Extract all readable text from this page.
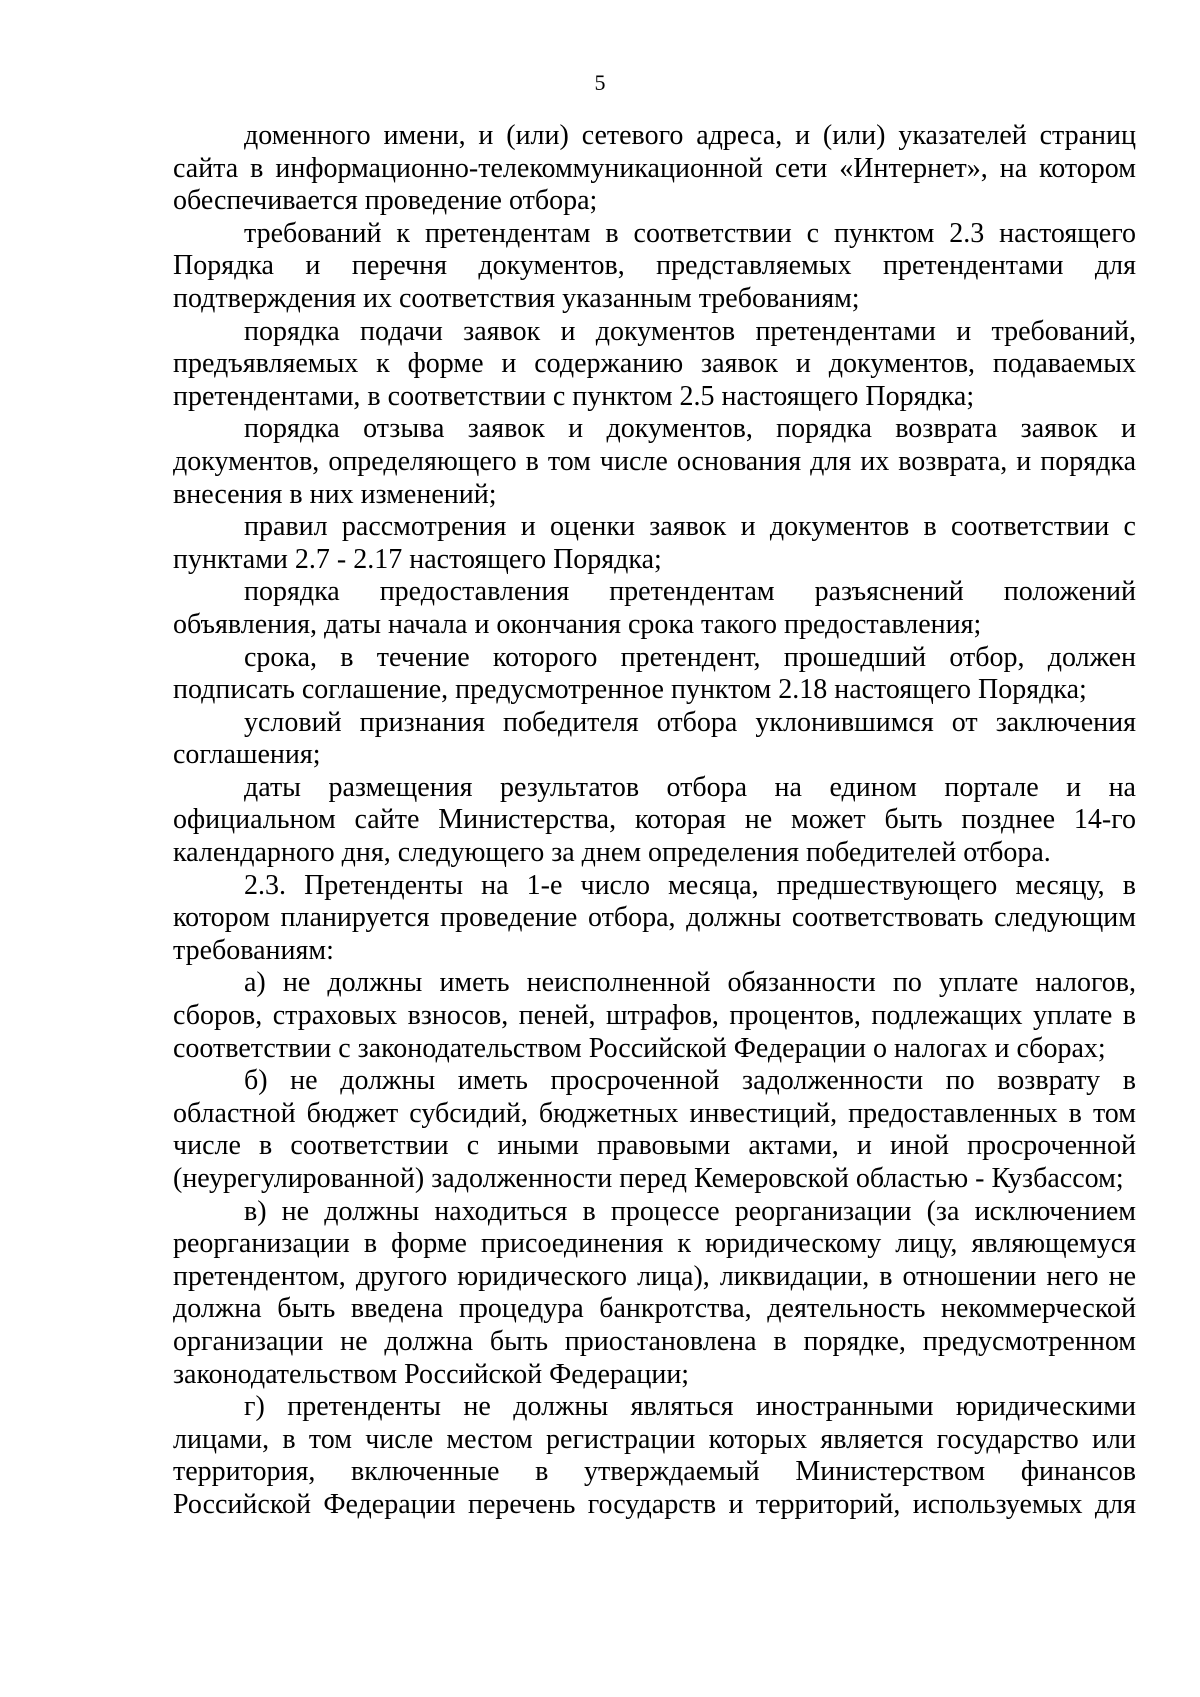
5

доменного имени, и (или) сетевого адреса, и (или) указателей страниц сайта в информационно-телекоммуникационной сети «Интернет», на котором обеспечивается проведение отбора;

требований к претендентам в соответствии с пунктом 2.3 настоящего Порядка и перечня документов, представляемых претендентами для подтверждения их соответствия указанным требованиям;

порядка подачи заявок и документов претендентами и требований, предъявляемых к форме и содержанию заявок и документов, подаваемых претендентами, в соответствии с пунктом 2.5 настоящего Порядка;

порядка отзыва заявок и документов, порядка возврата заявок и документов, определяющего в том числе основания для их возврата, и порядка внесения в них изменений;

правил рассмотрения и оценки заявок и документов в соответствии с пунктами 2.7 - 2.17 настоящего Порядка;

порядка предоставления претендентам разъяснений положений объявления, даты начала и окончания срока такого предоставления;

срока, в течение которого претендент, прошедший отбор, должен подписать соглашение, предусмотренное пунктом 2.18 настоящего Порядка;

условий признания победителя отбора уклонившимся от заключения соглашения;

даты размещения результатов отбора на едином портале и на официальном сайте Министерства, которая не может быть позднее 14-го календарного дня, следующего за днем определения победителей отбора.

2.3. Претенденты на 1-е число месяца, предшествующего месяцу, в котором планируется проведение отбора, должны соответствовать следующим требованиям:

а) не должны иметь неисполненной обязанности по уплате налогов, сборов, страховых взносов, пеней, штрафов, процентов, подлежащих уплате в соответствии с законодательством Российской Федерации о налогах и сборах;

б) не должны иметь просроченной задолженности по возврату в областной бюджет субсидий, бюджетных инвестиций, предоставленных в том числе в соответствии с иными правовыми актами, и иной просроченной (неурегулированной) задолженности перед Кемеровской областью - Кузбассом;

в) не должны находиться в процессе реорганизации (за исключением реорганизации в форме присоединения к юридическому лицу, являющемуся претендентом, другого юридического лица), ликвидации, в отношении него не должна быть введена процедура банкротства, деятельность некоммерческой организации не должна быть приостановлена в порядке, предусмотренном законодательством Российской Федерации;

г) претенденты не должны являться иностранными юридическими лицами, в том числе местом регистрации которых является государство или территория, включенные в утверждаемый Министерством финансов Российской Федерации перечень государств и территорий, используемых для
